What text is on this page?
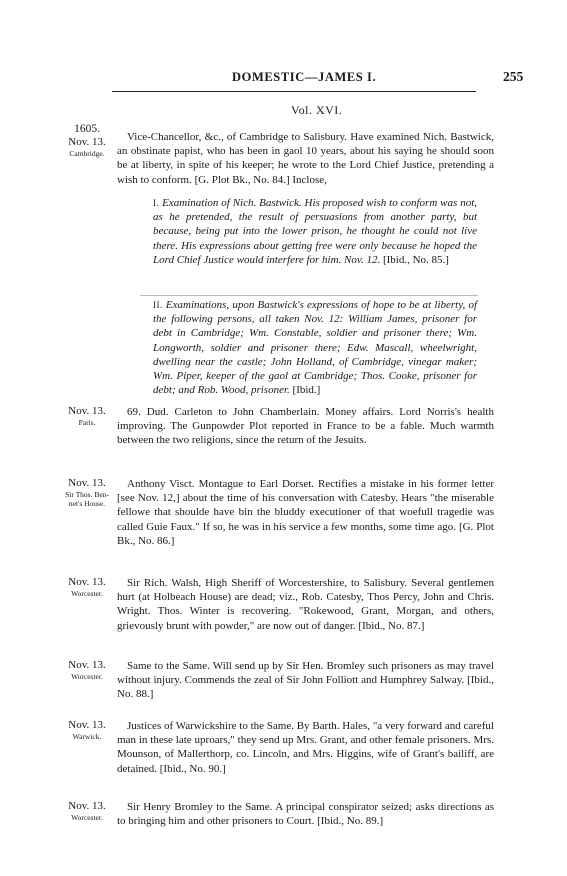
DOMESTIC—JAMES I.	255
Vol. XVI.
1605.
Nov. 13.
Cambridge.
Vice-Chancellor, &c., of Cambridge to Salisbury. Have examined Nich. Bastwick, an obstinate papist, who has been in gaol 10 years, about his saying he should soon be at liberty, in spite of his keeper; he wrote to the Lord Chief Justice, pretending a wish to conform. [G. Plot Bk., No. 84.] Inclose,
I. Examination of Nich. Bastwick. His proposed wish to conform was not, as he pretended, the result of persuasions from another party, but because, being put into the lower prison, he thought he could not live there. His expressions about getting free were only because he hoped the Lord Chief Justice would interfere for him. Nov. 12. [Ibid., No. 85.]
II. Examinations, upon Bastwick's expressions of hope to be at liberty, of the following persons, all taken Nov. 12: William James, prisoner for debt in Cambridge; Wm. Constable, soldier and prisoner there; Wm. Longworth, soldier and prisoner there; Edw. Mascall, wheelwright, dwelling near the castle; John Holland, of Cambridge, vinegar maker; Wm. Piper, keeper of the gaol at Cambridge; Thos. Cooke, prisoner for debt; and Rob. Wood, prisoner. [Ibid.]
Nov. 13.
Paris.
69. Dud. Carleton to John Chamberlain. Money affairs. Lord Norris's health improving. The Gunpowder Plot reported in France to be a fable. Much warmth between the two religions, since the return of the Jesuits.
Nov. 13.
Sir Thos. Ben-
net's House.
Anthony Visct. Montague to Earl Dorset. Rectifies a mistake in his former letter [see Nov. 12,] about the time of his conversation with Catesby. Hears "the miserable fellowe that shoulde have bin the bluddy executioner of that woefull tragedie was called Guie Faux." If so, he was in his service a few months, some time ago. [G. Plot Bk., No. 86.]
Nov. 13.
Worcester.
Sir Rich. Walsh, High Sheriff of Worcestershire, to Salisbury. Several gentlemen hurt (at Holbeach House) are dead; viz., Rob. Catesby, Thos Percy, John and Chris. Wright. Thos. Winter is recovering. "Rokewood, Grant, Morgan, and others, grievously brunt with powder," are now out of danger. [Ibid., No. 87.]
Nov. 13.
Worcester.
Same to the Same. Will send up by Sir Hen. Bromley such prisoners as may travel without injury. Commends the zeal of Sir John Folliott and Humphrey Salway. [Ibid., No. 88.]
Nov. 13.
Warwick.
Justices of Warwickshire to the Same. By Barth. Hales, "a very forward and careful man in these late uproars," they send up Mrs. Grant, and other female prisoners. Mrs. Mounson, of Mallerthorp, co. Lincoln, and Mrs. Higgins, wife of Grant's bailiff, are detained. [Ibid., No. 90.]
Nov. 13.
Worcester.
Sir Henry Bromley to the Same. A principal conspirator seized; asks directions as to bringing him and other prisoners to Court. [Ibid., No. 89.]
